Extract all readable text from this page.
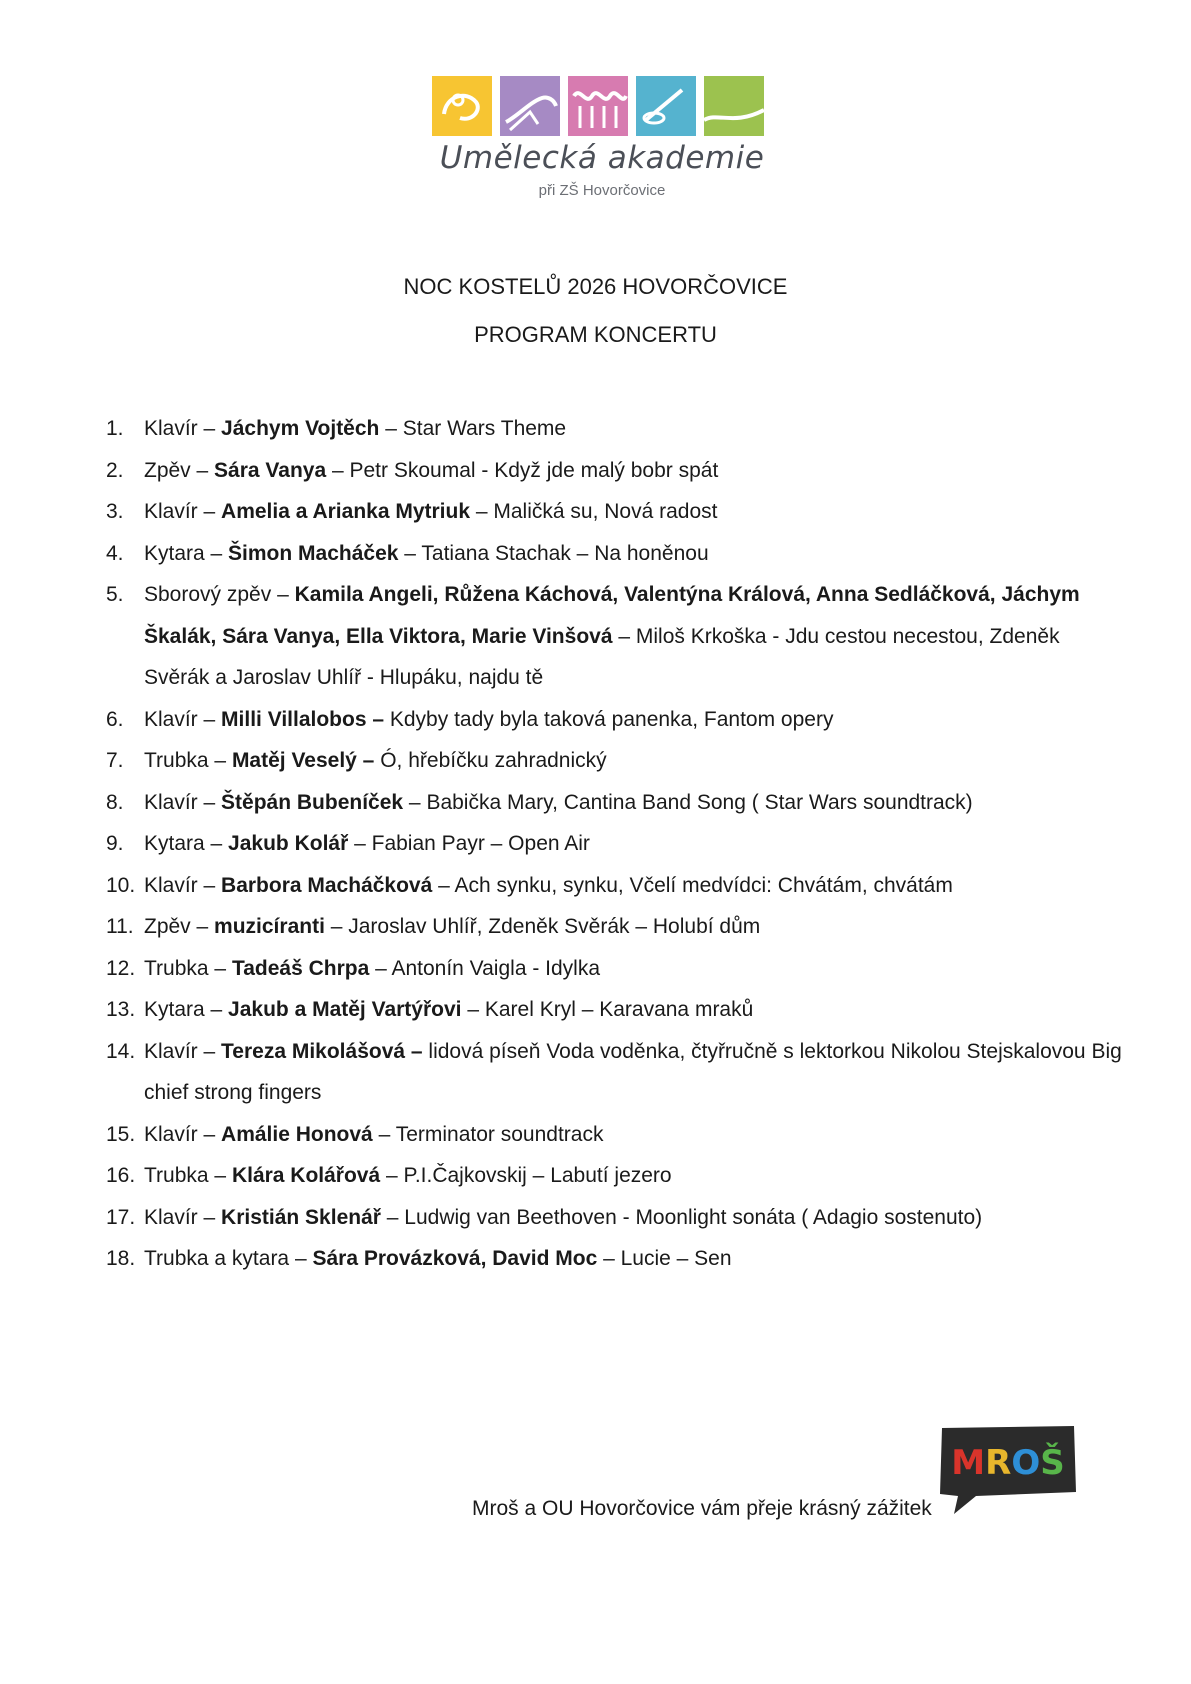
Umělecká akademie
při ZŠ Hovorčovice
NOC KOSTELŮ 2026 HOVORČOVICE
PROGRAM KONCERTU
1. Klavír – Jáchym Vojtěch – Star Wars Theme
2. Zpěv – Sára Vanya – Petr Skoumal - Když jde malý bobr spát
3. Klavír – Amelia a Arianka Mytriuk – Maličká su, Nová radost
4. Kytara – Šimon Macháček – Tatiana Stachak – Na honěnou
5. Sborový zpěv – Kamila Angeli, Růžena Káchová, Valentýna Králová, Anna Sedláčková, Jáchym Škalák, Sára Vanya, Ella Viktora, Marie Vinšová – Miloš Krkoška - Jdu cestou necestou, Zdeněk Svěrák a Jaroslav Uhlíř - Hlupáku, najdu tě
6. Klavír – Milli Villalobos – Kdyby tady byla taková panenka, Fantom opery
7. Trubka – Matěj Veselý – Ó, hřebíčku zahradnický
8. Klavír – Štěpán Bubeníček – Babička Mary, Cantina Band Song ( Star Wars soundtrack)
9. Kytara – Jakub Kolář – Fabian Payr – Open Air
10. Klavír – Barbora Macháčková – Ach synku, synku, Včelí medvídci: Chvátám, chvátám
11. Zpěv – muzicíranti – Jaroslav Uhlíř, Zdeněk Svěrák – Holubí dům
12. Trubka – Tadeáš Chrpa – Antonín Vaigla - Idylka
13. Kytara – Jakub a Matěj Vartýřovi – Karel Kryl – Karavana mraků
14. Klavír – Tereza Mikolášová – lidová píseň Voda voděnka, čtyřručně s lektorkou Nikolou Stejskalovou Big chief strong fingers
15. Klavír – Amálie Honová – Terminator soundtrack
16. Trubka – Klára Kolářová – P.I.Čajkovskij – Labutí jezero
17. Klavír – Kristián Sklenář – Ludwig van Beethoven - Moonlight sonáta ( Adagio sostenuto)
18. Trubka a kytara – Sára Provázková, David Moc – Lucie – Sen
Mroš a OU Hovorčovice vám přeje krásný zážitek
MROŠ
